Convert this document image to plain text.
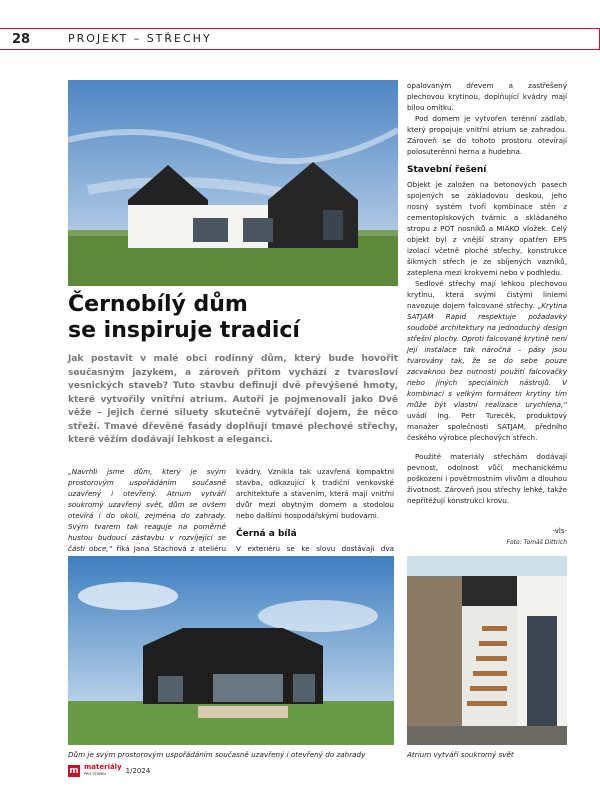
28	PROJEKT – STŘECHY
Černobílý dům
se inspiruje tradicí
Jak postavit v malé obci rodinný dům, který bude hovořit současným jazykem, a zároveň přitom vychází z tvarosloví vesnických staveb? Tuto stavbu definují dvě převýšené hmoty, které vytvořily vnitřní atrium. Autoři je pojmenovali jako Dvě věže – jejich černé siluety skutečně vytvářejí dojem, že něco střeží. Tmavé dřevěné fasády doplňují tmavé plechové střechy, které věžím dodávají lehkost a eleganci.

„Navrhli jsme dům, který je svým prostorovým uspořádáním současně uzavřený i otevřený. Atrium vytváří soukromý uzavřený svět, dům se ovšem otevírá i do okolí, zejména do zahrady. Svým tvarem tak reaguje na poměrně hustou budoucí zástavbu v rozvíjející se části obce,“ říká Jana Stachová z ateliéru

kvádry. Vznikla tak uzavřená kompaktní stavba, odkazující k tradiční venkovské architektuře a stavením, která mají vnitřní dvůr mezi obytným domem a stodolou nebo dalšími hospodářskými budovami.

Černá a bílá

V exteriéru se ke slovu dostávají dva

opalovaným dřevem a zastřešený plechovou krytinou, doplňující kvádry mají bílou omítku.

Pod domem je vytvořen terénní zádlab, který propojuje vnitřní atrium se zahradou. Zároveň se do tohoto prostoru otevírají polosuterénní herna a hudebna.

Stavební řešení

Objekt je založen na betonových pasech spojených se základovou deskou, jeho nosný systém tvoří kombinace stěn z cementoplskových tvárnic a skládaného stropu z POT nosníků a MIAKO vložek. Celý objekt byl z vnější strany opatřen EPS izolací včetně ploché střechy, konstrukce šikmých střech je ze sbíjených vazníků, zateplena mezi krokvemi nebo v podhledu.

Sedlové střechy mají lehkou plechovou krytinu, která svými čistými liniemi navozuje dojem falcované střechy. „Krytina SATJAM Rapid respektuje požadavky soudobé architektury na jednoduchý design střešní plochy. Oproti falcované krytině není její instalace tak náročná – pásy jsou tvarovány tak, že se do sebe pouze zacvaknou bez nutnosti použití falcovačky nebo jiných speciálních nástrojů. V kombinaci s velkým formátem krytiny tím může být vlastní realizace urychlena,“ uvádí Ing. Petr Turecěk, produktový manažer společnosti SATJAM, předního českého výrobce plechových střech.

Použité materiály střechám dodávají pevnost, odolnost vůči mechanickému poškození i povětrnostním vlivům a dlouhou životnost. Zároveň jsou střechy lehké, takže nepřitěžují konstrukci krovu.

-vls-
Foto: Tomáš Dittrich
Dům je svým prostorovým uspořádáním současně uzavřený i otevřený do zahrady	Atrium vytváří soukromý svět
m materiály
PRO STAVBU	1/2024
